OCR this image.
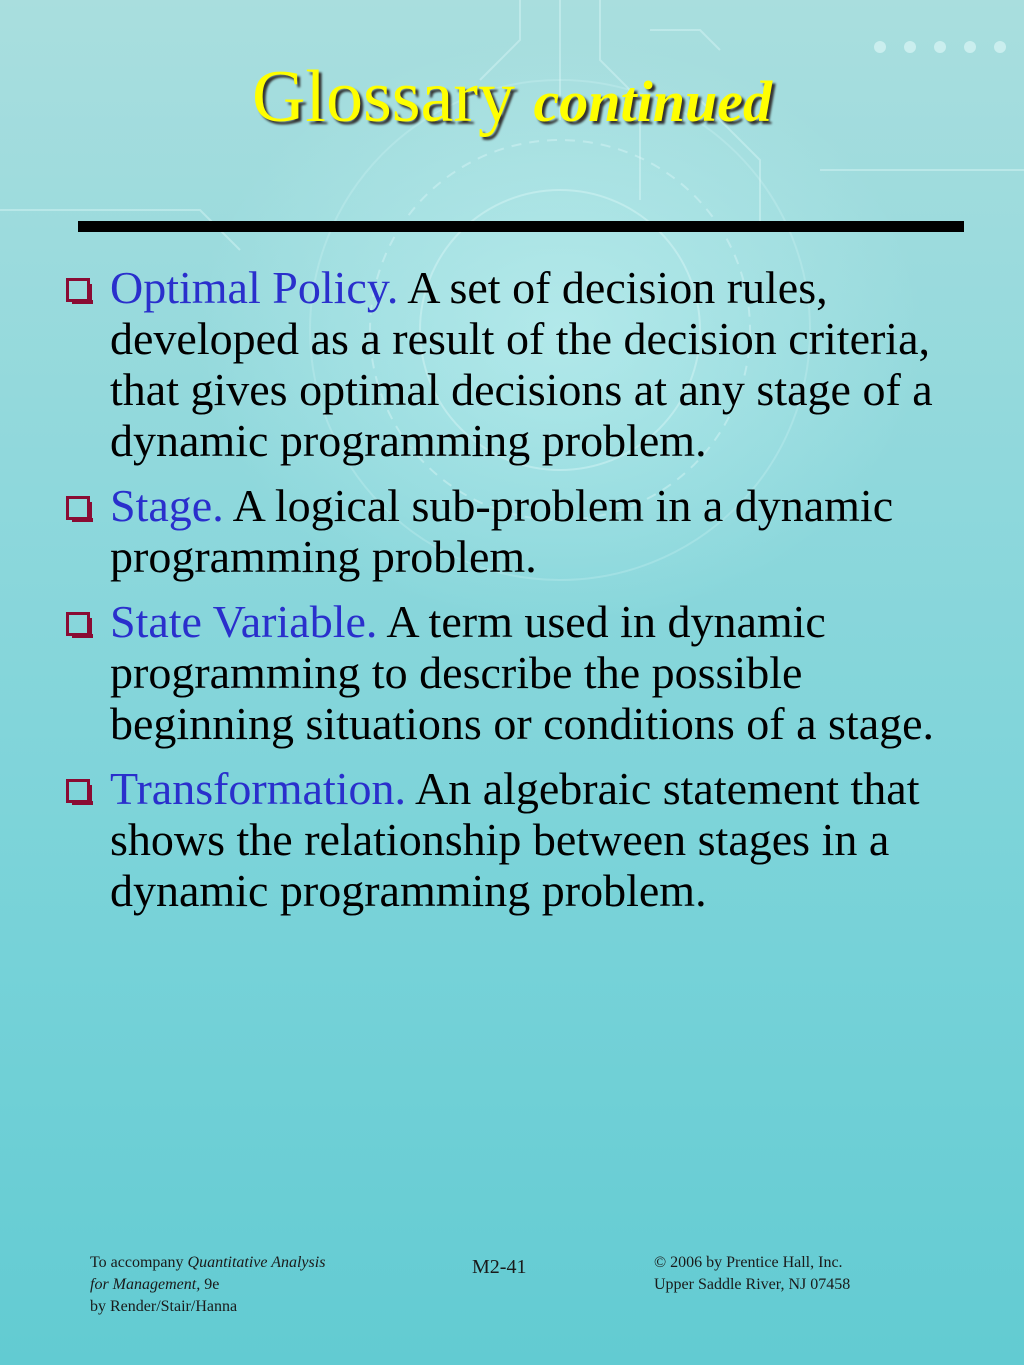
Glossary continued
Optimal Policy. A set of decision rules, developed as a result of the decision criteria, that gives optimal decisions at any stage of a dynamic programming problem.
Stage. A logical sub-problem in a dynamic programming problem.
State Variable. A term used in dynamic programming to describe the possible beginning situations or conditions of a stage.
Transformation. An algebraic statement that shows the relationship between stages in a dynamic programming problem.
To accompany Quantitative Analysis
for Management, 9e
by Render/Stair/Hanna
M2-41	© 2006 by Prentice Hall, Inc.
Upper Saddle River, NJ 07458
